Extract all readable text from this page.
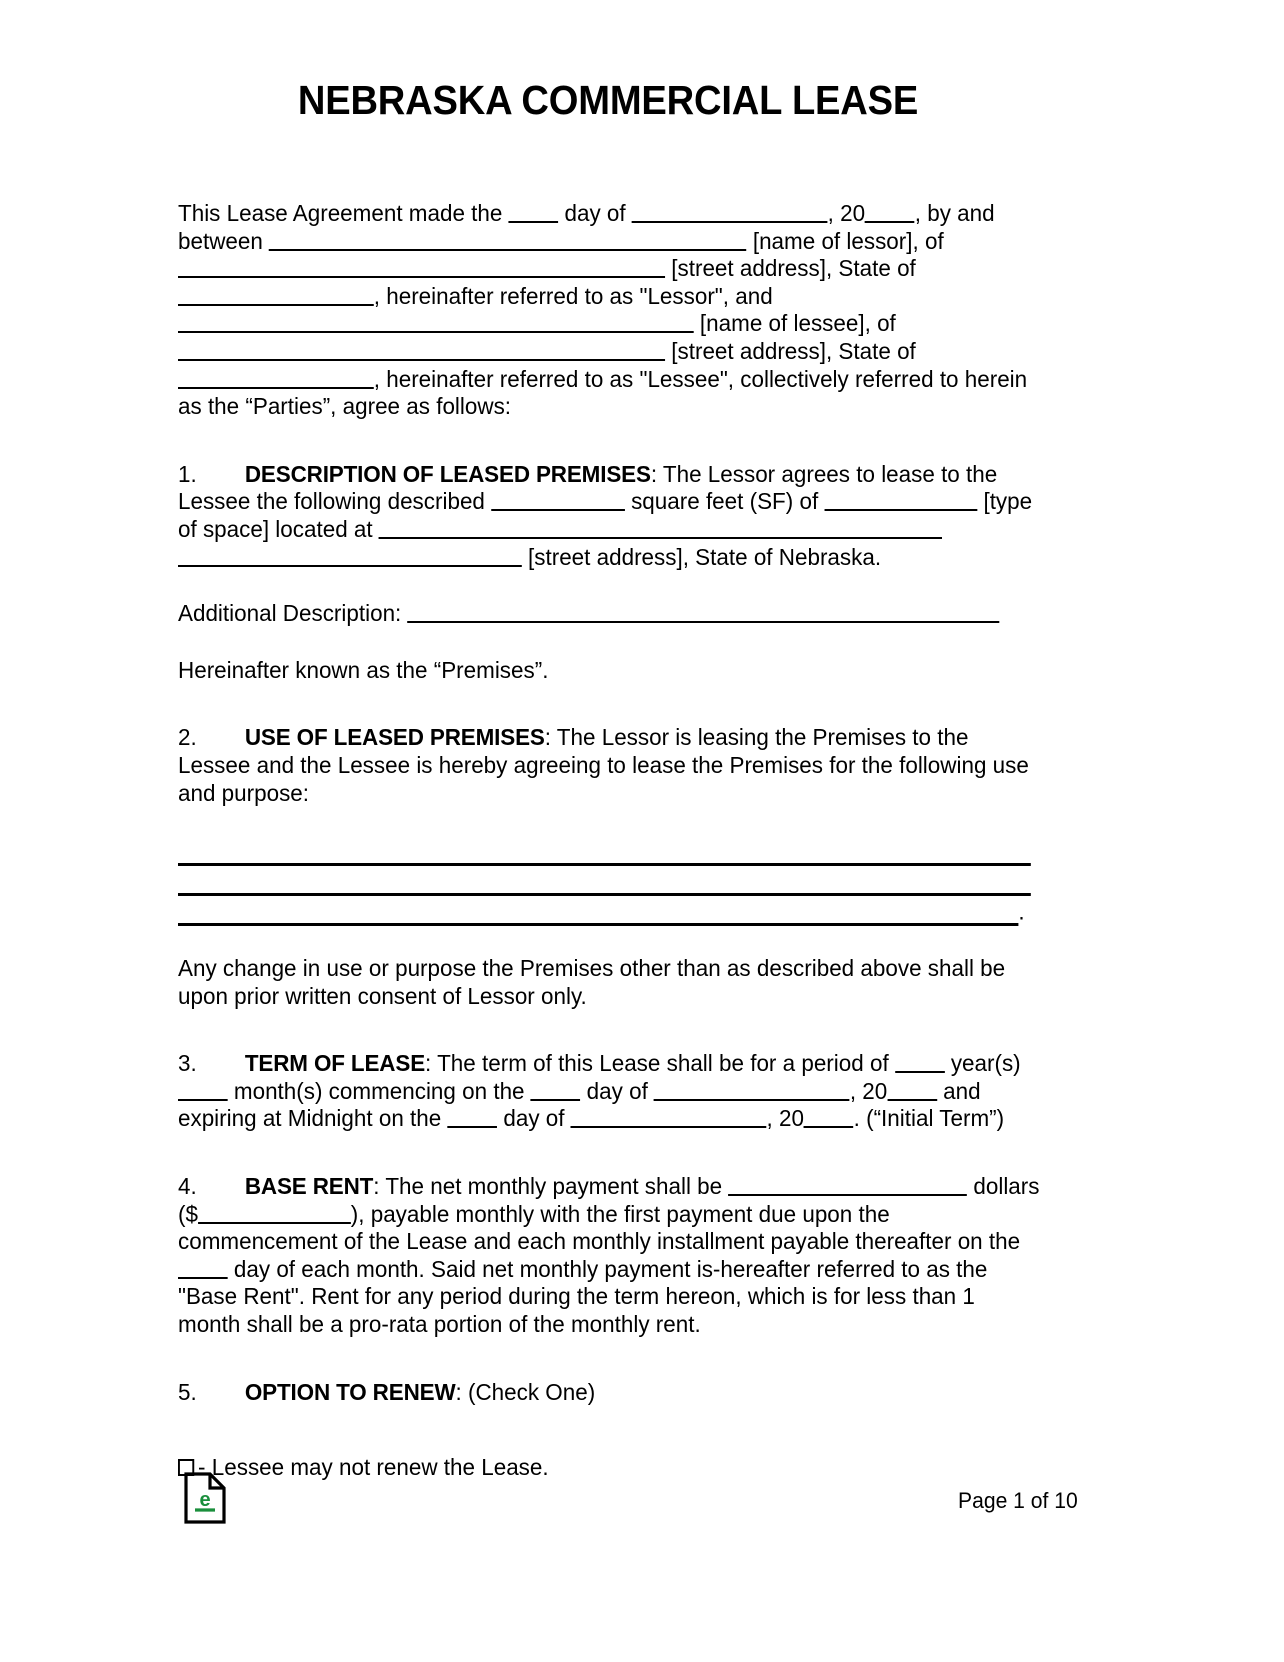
NEBRASKA COMMERCIAL LEASE

This Lease Agreement made the  day of	, 20 , by and between	[name of lessor], of  [street address], State of , hereinafter referred to as "Lessor", and  [name of lessee], of  [street address], State of , hereinafter referred to as "Lessee", collectively referred to herein as the “Parties”, agree as follows:

1. DESCRIPTION OF LEASED PREMISES: The Lessor agrees to lease to the Lessee the following described	square feet (SF) of	[type of space] located at  [street address], State of Nebraska.

Additional Description:

Hereinafter known as the “Premises”.

2. USE OF LEASED PREMISES: The Lessor is leasing the Premises to the Lessee and the Lessee is hereby agreeing to lease the Premises for the following use and purpose:

.

Any change in use or purpose the Premises other than as described above shall be upon prior written consent of Lessor only.

3. TERM OF LEASE: The term of this Lease shall be for a period of  year(s)  month(s) commencing on the  day of	, 20 and expiring at Midnight on the  day of	, 20 . (“Initial Term”)

4. BASE RENT: The net monthly payment shall be	dollars ($	), payable monthly with the first payment due upon the commencement of the Lease and each monthly installment payable thereafter on the  day of each month. Said net monthly payment is-hereafter referred to as the "Base Rent". Rent for any period during the term hereon, which is for less than 1 month shall be a pro-rata portion of the monthly rent.

5. OPTION TO RENEW: (Check One)

- Lessee may not renew the Lease.

e	Page 1 of 10
